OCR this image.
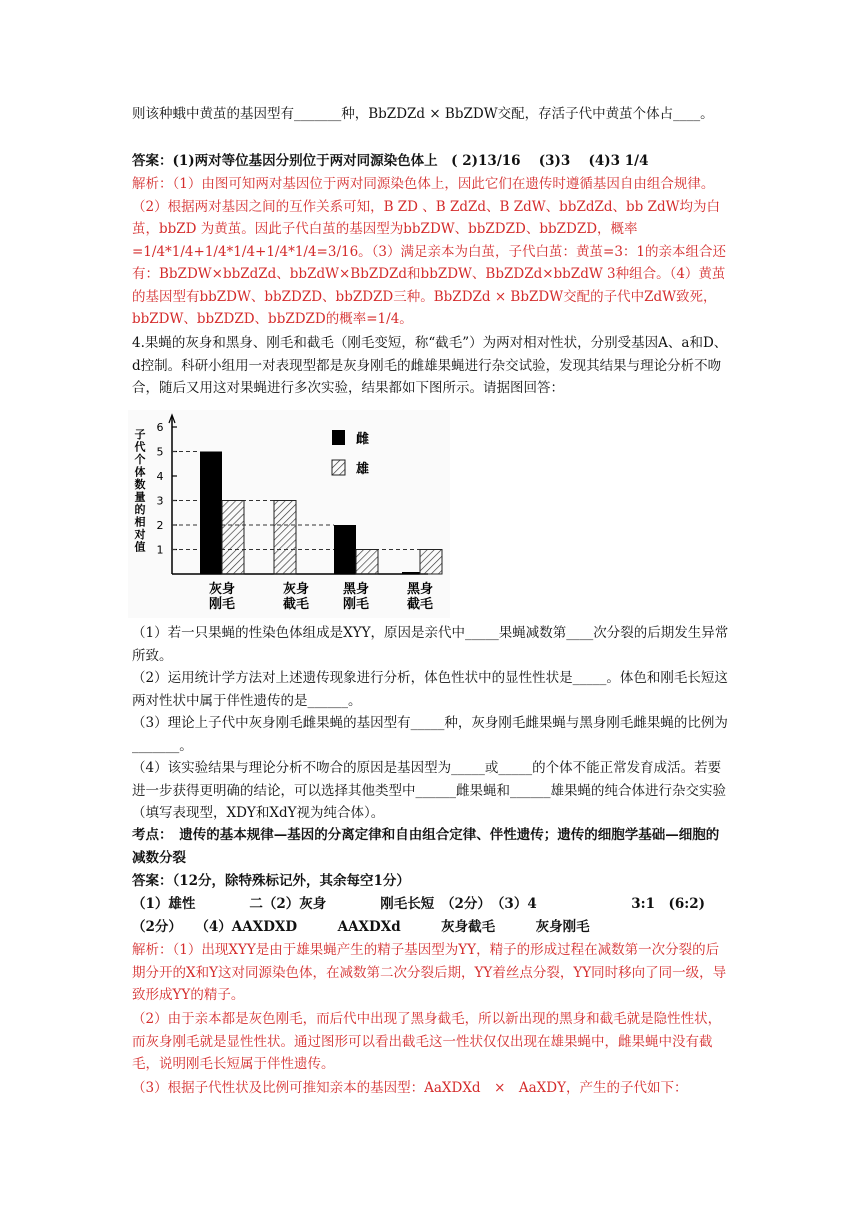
则该种蛾中黄茧的基因型有_______种，BbZDZd × BbZDW交配，存活子代中黄茧个体占____。

答案：(1)两对等位基因分别位于两对同源染色体上　( 2)13/16　 (3)3　 (4)3 1/4

解析：（1）由图可知两对基因位于两对同源染色体上，因此它们在遗传时遵循基因自由组合规律。（2）根据两对基因之间的互作关系可知，B ZD 、B ZdZd、B ZdW、bbZdZd、bb ZdW均为白茧，bbZD 为黄茧。因此子代白茧的基因型为bbZDW、bbZDZD、bbZDZD，概率=1/4*1/4+1/4*1/4+1/4*1/4=3/16。（3）满足亲本为白茧，子代白茧：黄茧=3：1的亲本组合还有：BbZDW×bbZdZd、bbZdW×BbZDZd和bbZDW、BbZDZd×bbZdW 3种组合。（4）黄茧的基因型有bbZDW、bbZDZD、bbZDZD三种。BbZDZd × BbZDW交配的子代中ZdW致死，bbZDW、bbZDZD、bbZDZD的概率=1/4。

4.果蝇的灰身和黑身、刚毛和截毛（刚毛变短，称“截毛”）为两对相对性状，分别受基因A、a和D、d控制。科研小组用一对表现型都是灰身刚毛的雌雄果蝇进行杂交试验，发现其结果与理论分析不吻合，随后又用这对果蝇进行多次实验，结果都如下图所示。请据图回答：

子
代
个
体
数
量
的
相
对
值 1
2
3
4
5
6
灰身
刚毛
灰身
截毛
黑身
刚毛
黑身
截毛
雌
雄

（1）若一只果蝇的性染色体组成是XYY，原因是亲代中_____果蝇减数第____次分裂的后期发生异常所致。

（2）运用统计学方法对上述遗传现象进行分析，体色性状中的显性性状是_____。体色和刚毛长短这两对性状中属于伴性遗传的是______。

（3）理论上子代中灰身刚毛雌果蝇的基因型有_____种，灰身刚毛雌果蝇与黑身刚毛雌果蝇的比例为_______。

（4）该实验结果与理论分析不吻合的原因是基因型为_____或_____的个体不能正常发育成活。若要进一步获得更明确的结论，可以选择其他类型中______雌果蝇和______雄果蝇的纯合体进行杂交实验（填写表现型，XDY和XdY视为纯合体）。

考点：　遗传的基本规律—基因的分离定律和自由组合定律、伴性遗传；遗传的细胞学基础—细胞的减数分裂

答案：（12分，除特殊标记外，其余每空1分）

（1）雄性　　　　二（2）灰身　　　　刚毛长短　（2分）　（3）4　　　　　　　3:1　(6:2)
（2分）　　（4）AAXDXD　　　AAXDXd　　　灰身截毛　　　灰身刚毛

解析：（1）出现XYY是由于雄果蝇产生的精子基因型为YY，精子的形成过程在减数第一次分裂的后期分开的X和Y这对同源染色体，在减数第二次分裂后期，YY着丝点分裂，YY同时移向了同一级，导致形成YY的精子。

（2）由于亲本都是灰色刚毛，而后代中出现了黑身截毛，所以新出现的黑身和截毛就是隐性性状，而灰身刚毛就是显性性状。通过图形可以看出截毛这一性状仅仅出现在雄果蝇中，雌果蝇中没有截毛，说明刚毛长短属于伴性遗传。

（3）根据子代性状及比例可推知亲本的基因型：AaXDXd　×　AaXDY，产生的子代如下：
